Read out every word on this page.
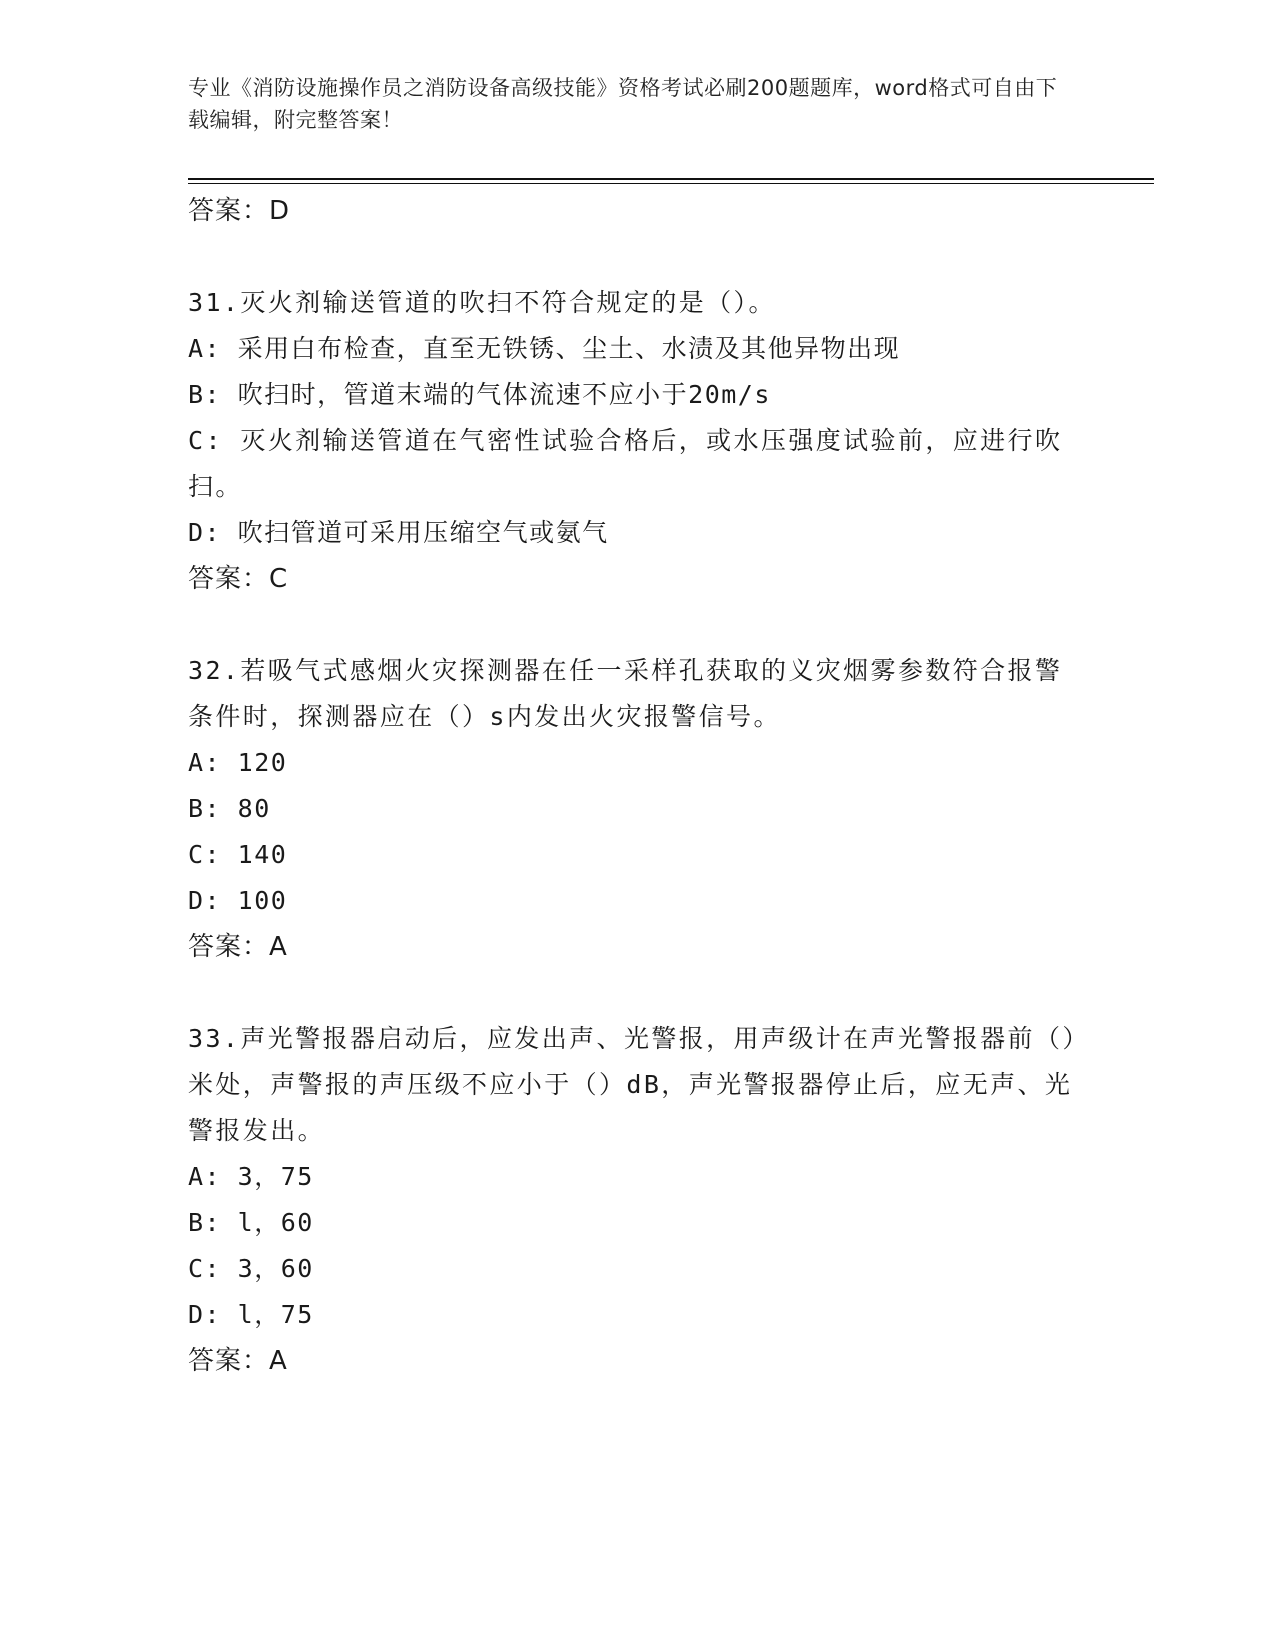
专业《消防设施操作员之消防设备高级技能》资格考试必刷200题题库，word格式可自由下载编辑，附完整答案！
答案：D
31.灭火剂输送管道的吹扫不符合规定的是（）。
A: 采用白布检查，直至无铁锈、尘土、水渍及其他异物出现
B: 吹扫时，管道末端的气体流速不应小于20m/s
C: 灭火剂输送管道在气密性试验合格后，或水压强度试验前，应进行吹扫。
D: 吹扫管道可采用压缩空气或氨气
答案：C
32.若吸气式感烟火灾探测器在任一采样孔获取的义灾烟雾参数符合报警条件时，探测器应在（）s内发出火灾报警信号。
A: 120
B: 80
C: 140
D: 100
答案：A
33.声光警报器启动后，应发出声、光警报，用声级计在声光警报器前（）米处，声警报的声压级不应小于（）dB，声光警报器停止后，应无声、光警报发出。
A: 3，75
B: l，60
C: 3，60
D: l，75
答案：A
